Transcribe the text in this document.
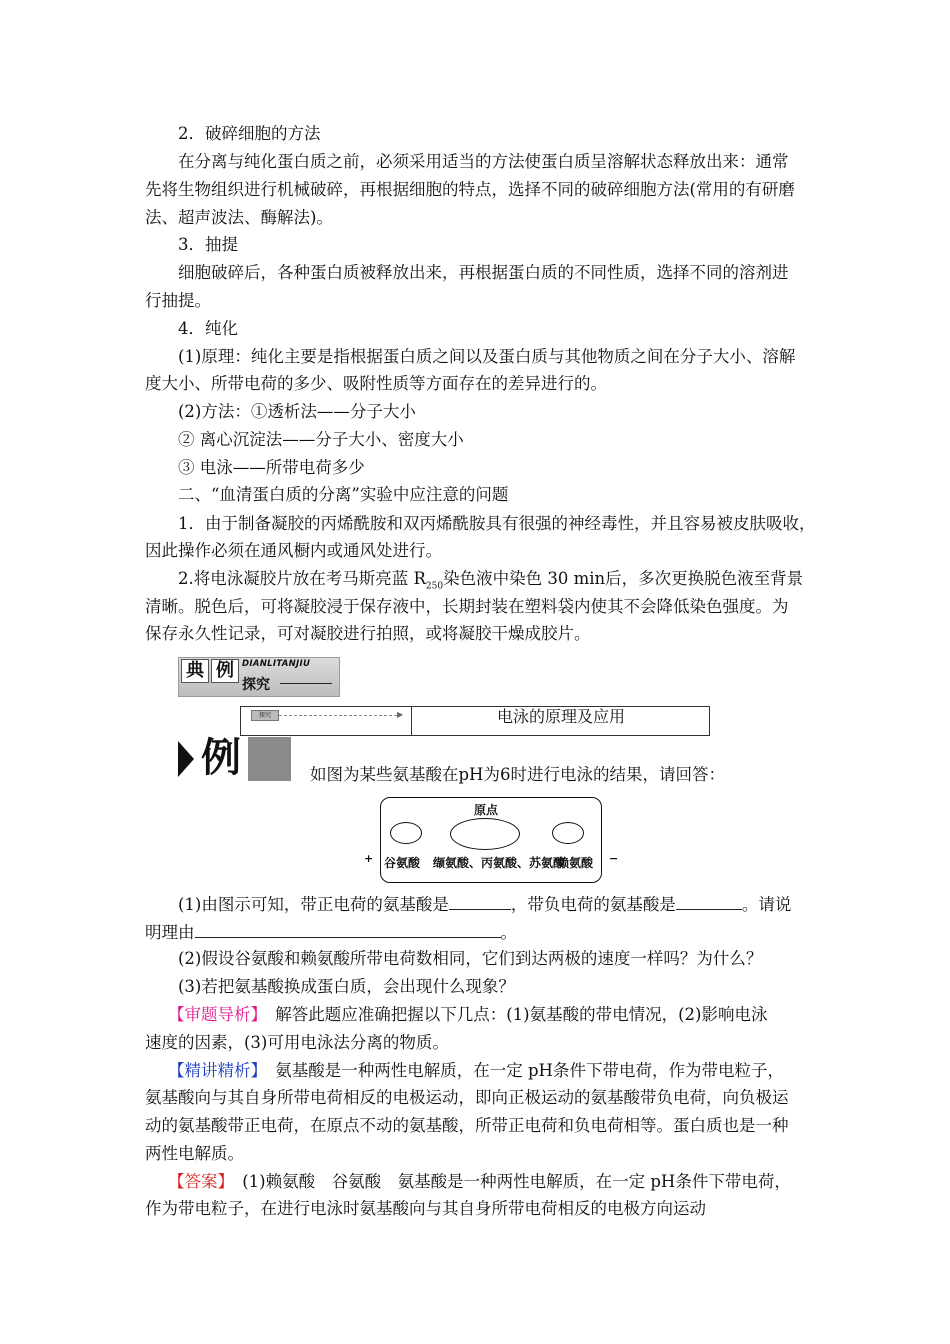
2．破碎细胞的方法
在分离与纯化蛋白质之前，必须采用适当的方法使蛋白质呈溶解状态释放出来：通常
先将生物组织进行机械破碎，再根据细胞的特点，选择不同的破碎细胞方法(常用的有研磨
法、超声波法、酶解法)。
3．抽提
细胞破碎后，各种蛋白质被释放出来，再根据蛋白质的不同性质，选择不同的溶剂进
行抽提。
4．纯化
(1)原理：纯化主要是指根据蛋白质之间以及蛋白质与其他物质之间在分子大小、溶解
度大小、所带电荷的多少、吸附性质等方面存在的差异进行的。
(2)方法：①透析法——分子大小
② 离心沉淀法——分子大小、密度大小
③ 电泳——所带电荷多少
二、“血清蛋白质的分离”实验中应注意的问题
1．由于制备凝胶的丙烯酰胺和双丙烯酰胺具有很强的神经毒性，并且容易被皮肤吸收，
因此操作必须在通风橱内或通风处进行。
2.将电泳凝胶片放在考马斯亮蓝 $R_{250}$染色液中染色 30 min后，多次更换脱色液至背景
清晰。脱色后，可将凝胶浸于保存液中，长期封装在塑料袋内使其不会降低染色强度。为
保存永久性记录，可对凝胶进行拍照，或将凝胶干燥成胶片。
典 例 DIANLITANJIU
探究
探究	▶	电泳的原理及应用
例	如图为某些氨基酸在pH为6时进行电泳的结果，请回答：
原点
谷氨酸 缬氨酸、丙氨酸、苏氨酸
赖氨酸
+	−
(1)由图示可知，带正电荷的氨基酸是	，带负电荷的氨基酸是	。请说
明理由	。
(2)假设谷氨酸和赖氨酸所带电荷数相同，它们到达两极的速度一样吗？为什么？
(3)若把氨基酸换成蛋白质，会出现什么现象？
【审题导析】　解答此题应准确把握以下几点：(1)氨基酸的带电情况，(2)影响电泳
速度的因素，(3)可用电泳法分离的物质。
【精讲精析】　氨基酸是一种两性电解质，在一定 pH条件下带电荷，作为带电粒子，
氨基酸向与其自身所带电荷相反的电极运动，即向正极运动的氨基酸带负电荷，向负极运
动的氨基酸带正电荷，在原点不动的氨基酸，所带正电荷和负电荷相等。蛋白质也是一种
两性电解质。
【答案】　(1)赖氨酸　谷氨酸　氨基酸是一种两性电解质，在一定 pH条件下带电荷，
作为带电粒子，在进行电泳时氨基酸向与其自身所带电荷相反的电极方向运动
